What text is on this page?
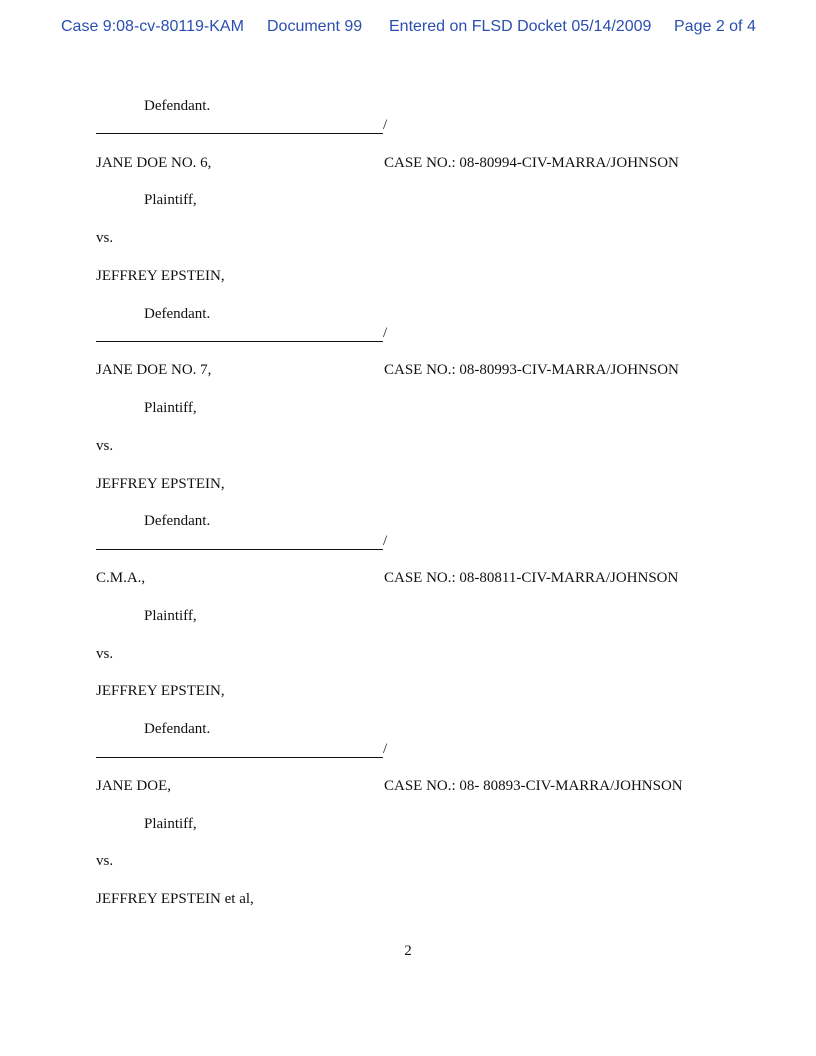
Case 9:08-cv-80119-KAM Document 99 Entered on FLSD Docket 05/14/2009 Page 2 of 4
Defendant.
/
JANE DOE NO. 6,	CASE NO.: 08-80994-CIV-MARRA/JOHNSON
Plaintiff,
vs.
JEFFREY EPSTEIN,
Defendant.
/
JANE DOE NO. 7,	CASE NO.: 08-80993-CIV-MARRA/JOHNSON
Plaintiff,
vs.
JEFFREY EPSTEIN,
Defendant.
/
C.M.A.,	CASE NO.: 08-80811-CIV-MARRA/JOHNSON
Plaintiff,
vs.
JEFFREY EPSTEIN,
Defendant.
/
JANE DOE,	CASE NO.: 08- 80893-CIV-MARRA/JOHNSON
Plaintiff,
vs.
JEFFREY EPSTEIN et al,
2
